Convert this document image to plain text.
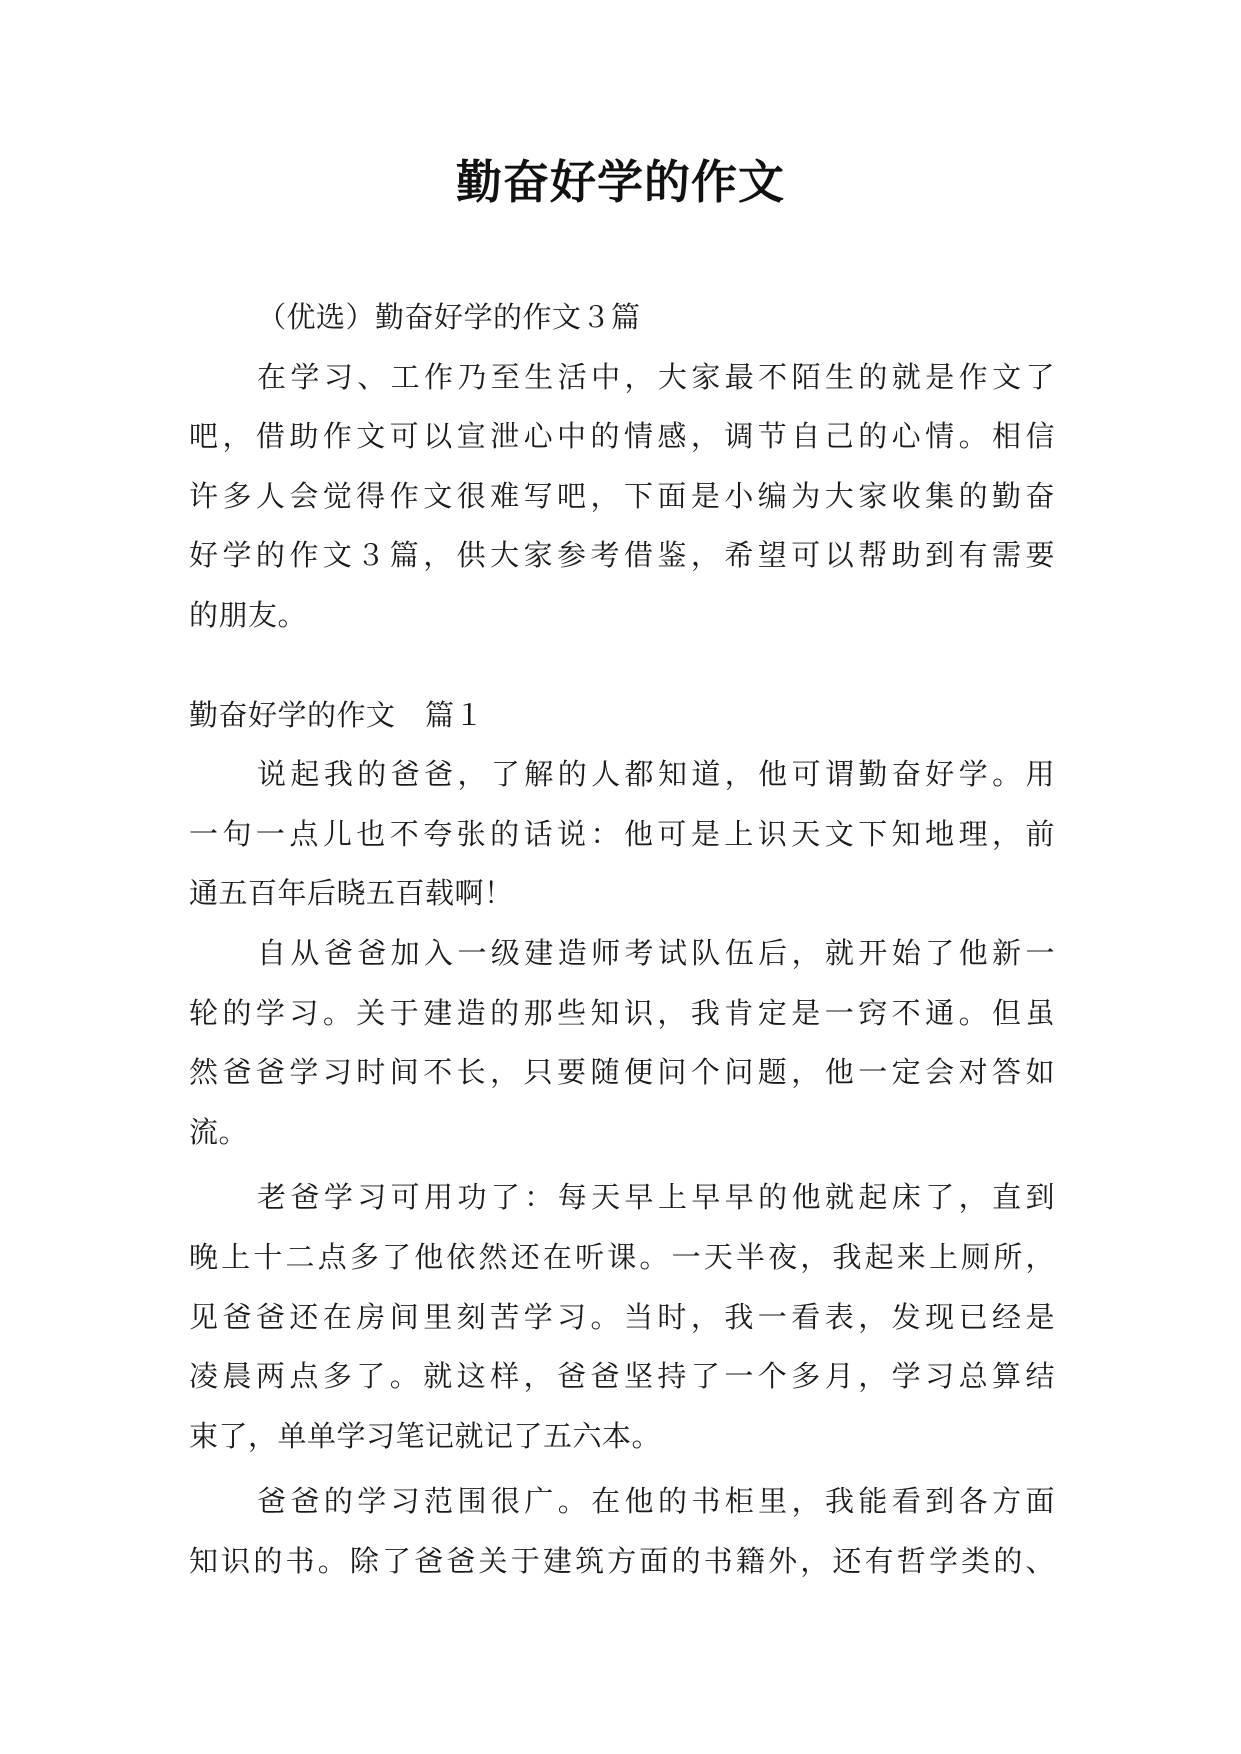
勤奋好学的作文
（优选）勤奋好学的作文３篇
在学习、工作乃至生活中，大家最不陌生的就是作文了
吧，借助作文可以宣泄心中的情感，调节自己的心情。相信
许多人会觉得作文很难写吧，下面是小编为大家收集的勤奋
好学的作文３篇，供大家参考借鉴，希望可以帮助到有需要
的朋友。
勤奋好学的作文　篇１
说起我的爸爸，了解的人都知道，他可谓勤奋好学。用
一句一点儿也不夸张的话说：他可是上识天文下知地理，前
通五百年后晓五百载啊！
自从爸爸加入一级建造师考试队伍后，就开始了他新一
轮的学习。关于建造的那些知识，我肯定是一窍不通。但虽
然爸爸学习时间不长，只要随便问个问题，他一定会对答如
流。
老爸学习可用功了：每天早上早早的他就起床了，直到
晚上十二点多了他依然还在听课。一天半夜，我起来上厕所，
见爸爸还在房间里刻苦学习。当时，我一看表，发现已经是
凌晨两点多了。就这样，爸爸坚持了一个多月，学习总算结
束了，单单学习笔记就记了五六本。
爸爸的学习范围很广。在他的书柜里，我能看到各方面
知识的书。除了爸爸关于建筑方面的书籍外，还有哲学类的、
